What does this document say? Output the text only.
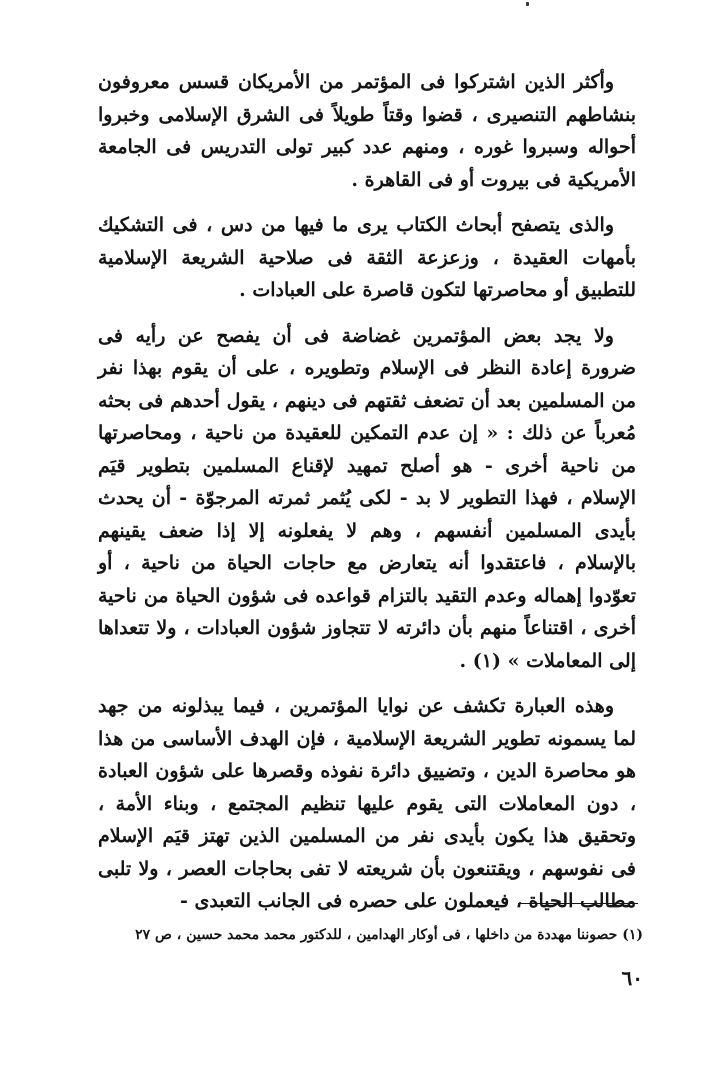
وأكثر الذين اشتركوا فى المؤتمر من الأمريكان قسس معروفون بنشاطهم التنصيرى ، قضوا وقتاً طويلاً فى الشرق الإسلامى وخبروا أحواله وسبروا غوره ، ومنهم عدد كبير تولى التدريس فى الجامعة الأمريكية فى بيروت أو فى القاهرة .

والذى يتصفح أبحاث الكتاب يرى ما فيها من دس ، فى التشكيك بأمهات العقيدة ، وزعزعة الثقة فى صلاحية الشريعة الإسلامية للتطبيق أو محاصرتها لتكون قاصرة على العبادات .

ولا يجد بعض المؤتمرين غضاضة فى أن يفصح عن رأيه فى ضرورة إعادة النظر فى الإسلام وتطويره ، على أن يقوم بهذا نفر من المسلمين بعد أن تضعف ثقتهم فى دينهم ، يقول أحدهم فى بحثه مُعرباً عن ذلك : « إن عدم التمكين للعقيدة من ناحية ، ومحاصرتها من ناحية أخرى - هو أصلح تمهيد لإقناع المسلمين بتطوير قيَم الإسلام ، فهذا التطوير لا بد - لكى يُثمر ثمرته المرجوّة - أن يحدث بأيدى المسلمين أنفسهم ، وهم لا يفعلونه إلا إذا ضعف يقينهم بالإسلام ، فاعتقدوا أنه يتعارض مع حاجات الحياة من ناحية ، أو تعوّدوا إهماله وعدم التقيد بالتزام قواعده فى شؤون الحياة من ناحية أخرى ، اقتناعاً منهم بأن دائرته لا تتجاوز شؤون العبادات ، ولا تتعداها إلى المعاملات » (١) .

وهذه العبارة تكشف عن نوايا المؤتمرين ، فيما يبذلونه من جهد لما يسمونه تطوير الشريعة الإسلامية ، فإن الهدف الأساسى من هذا هو محاصرة الدين ، وتضييق دائرة نفوذه وقصرها على شؤون العبادة ، دون المعاملات التى يقوم عليها تنظيم المجتمع ، وبناء الأمة ، وتحقيق هذا يكون بأيدى نفر من المسلمين الذين تهتز قيَم الإسلام فى نفوسهم ، ويقتنعون بأن شريعته لا تفى بحاجات العصر ، ولا تلبى مطالب الحياة ، فيعملون على حصره فى الجانب التعبدى -

(١) حصوننا مهددة من داخلها ، فى أوكار الهدامين ، للدكتور محمد محمد حسين ، ص ٢٧
٦٠
